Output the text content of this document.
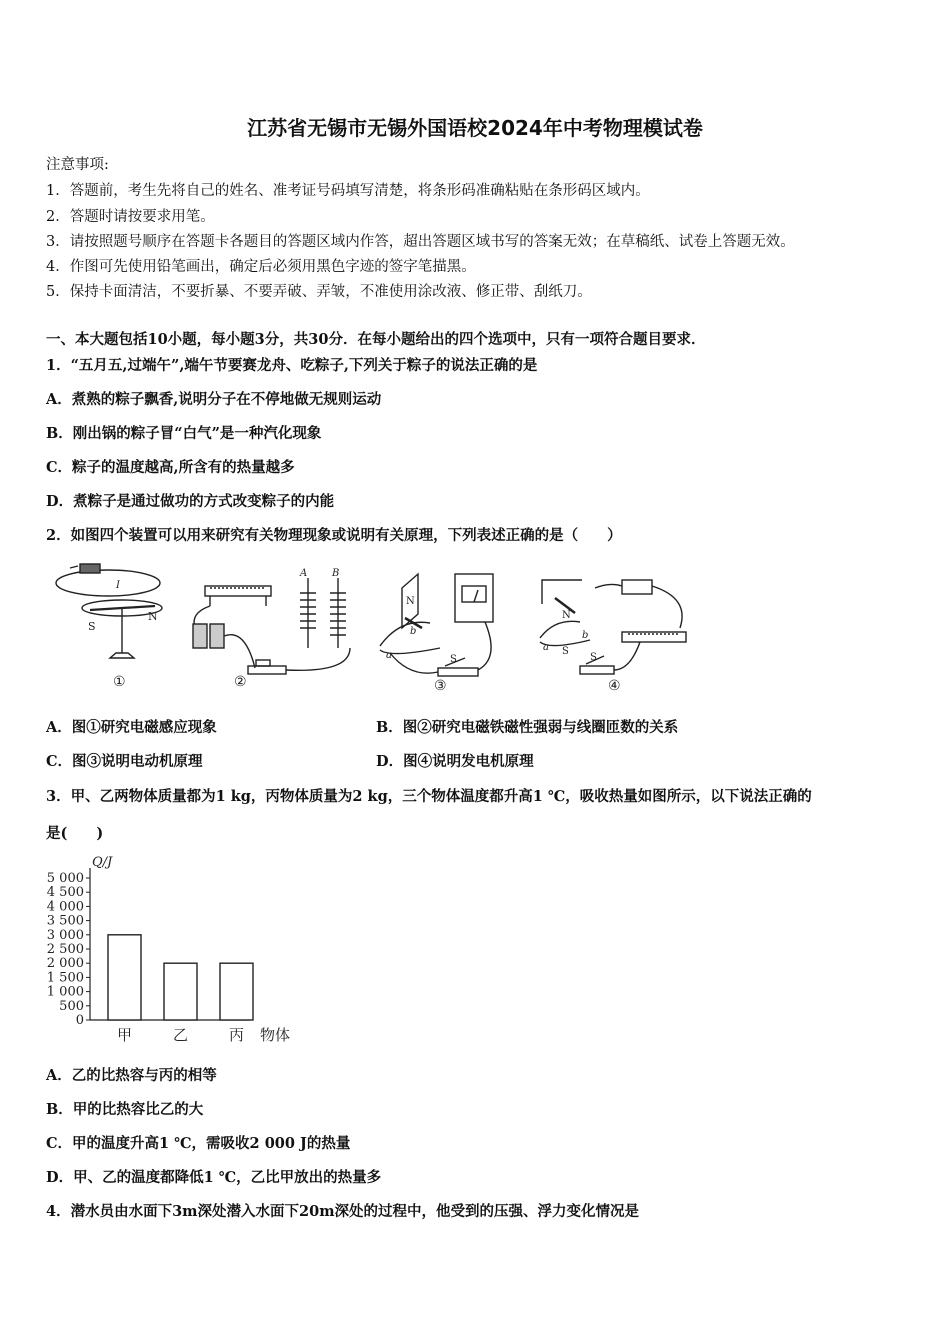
江苏省无锡市无锡外国语校2024年中考物理模试卷
注意事项:
1．答题前，考生先将自己的姓名、准考证号码填写清楚，将条形码准确粘贴在条形码区域内。
2．答题时请按要求用笔。
3．请按照题号顺序在答题卡各题目的答题区域内作答，超出答题区域书写的答案无效；在草稿纸、试卷上答题无效。
4．作图可先使用铅笔画出，确定后必须用黑色字迹的签字笔描黑。
5．保持卡面清洁，不要折暴、不要弄破、弄皱，不准使用涂改液、修正带、刮纸刀。
一、本大题包括10小题，每小题3分，共30分．在每小题给出的四个选项中，只有一项符合题目要求．
1．“五月五,过端午”,端午节要赛龙舟、吃粽子,下列关于粽子的说法正确的是
A．煮熟的粽子飘香,说明分子在不停地做无规则运动
B．刚出锅的粽子冒“白气”是一种汽化现象
C．粽子的温度越高,所含有的热量越多
D．煮粽子是通过做功的方式改变粽子的内能
2．如图四个装置可以用来研究有关物理现象或说明有关原理，下列表述正确的是（　　）
S
N
I
①
A B
②
b
a	S
N
③
N
S
a
b
S
④
A．图①研究电磁感应现象	B．图②研究电磁铁磁性强弱与线圈匝数的关系
C．图③说明电动机原理	D．图④说明发电机原理
3．甲、乙两物体质量都为1 kg，丙物体质量为2 kg，三个物体温度都升高1 ℃，吸收热量如图所示，以下说法正确的
是(　　)
Q/J
0
500
1 000
1 500
2 000
2 500
3 000
3 500
4 000
4 500
5 000
甲	乙	丙 物体
A．乙的比热容与丙的相等
B．甲的比热容比乙的大
C．甲的温度升高1 ℃，需吸收2 000 J的热量
D．甲、乙的温度都降低1 ℃，乙比甲放出的热量多
4．潜水员由水面下3m深处潜入水面下20m深处的过程中，他受到的压强、浮力变化情况是
